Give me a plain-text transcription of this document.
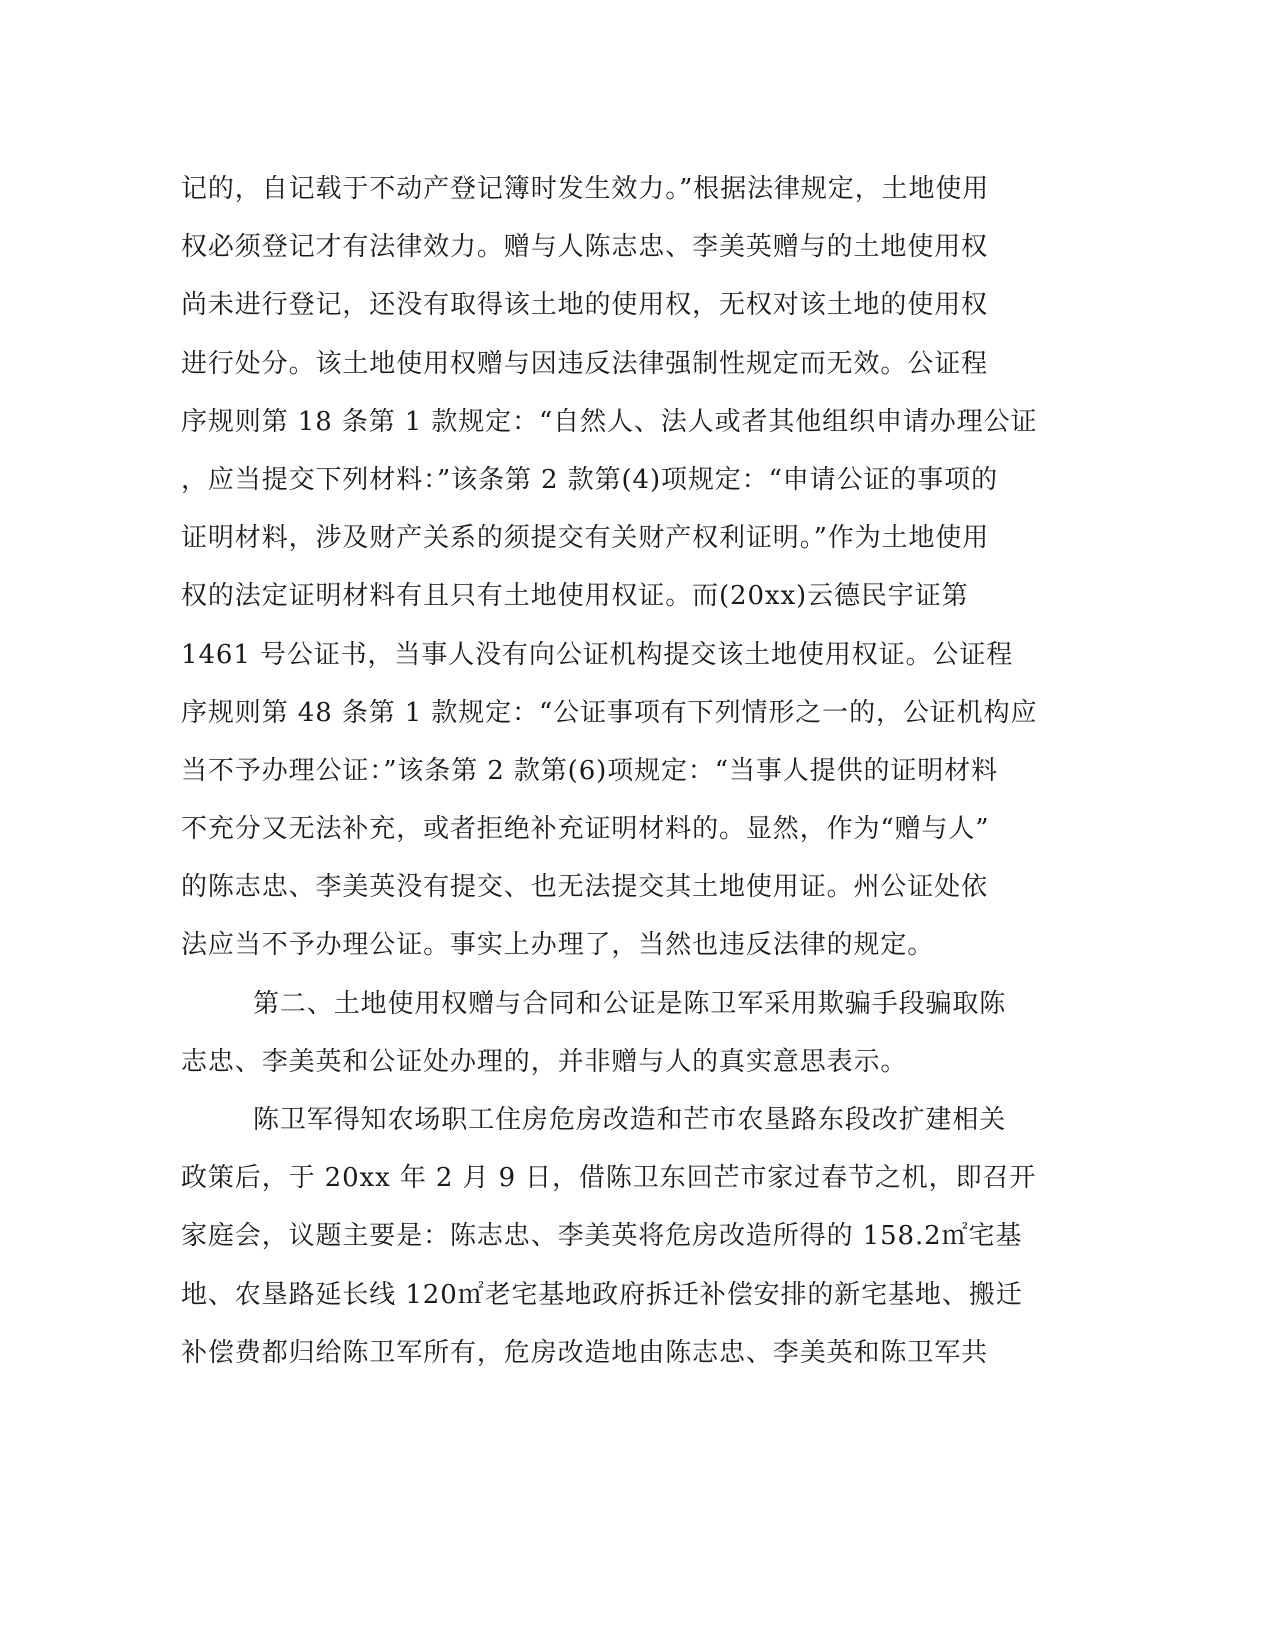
记的，自记载于不动产登记簿时发生效力。”根据法律规定，土地使用
权必须登记才有法律效力。赠与人陈志忠、李美英赠与的土地使用权
尚未进行登记，还没有取得该土地的使用权，无权对该土地的使用权
进行处分。该土地使用权赠与因违反法律强制性规定而无效。公证程
序规则第 18 条第 1 款规定：“自然人、法人或者其他组织申请办理公证
，应当提交下列材料：”该条第 2 款第(4)项规定：“申请公证的事项的
证明材料，涉及财产关系的须提交有关财产权利证明。”作为土地使用
权的法定证明材料有且只有土地使用权证。而(20xx)云德民宇证第
1461 号公证书，当事人没有向公证机构提交该土地使用权证。公证程
序规则第 48 条第 1 款规定：“公证事项有下列情形之一的，公证机构应
当不予办理公证：”该条第 2 款第(6)项规定：“当事人提供的证明材料
不充分又无法补充，或者拒绝补充证明材料的。显然，作为“赠与人”
的陈志忠、李美英没有提交、也无法提交其土地使用证。州公证处依
法应当不予办理公证。事实上办理了，当然也违反法律的规定。
第二、土地使用权赠与合同和公证是陈卫军采用欺骗手段骗取陈
志忠、李美英和公证处办理的，并非赠与人的真实意思表示。
陈卫军得知农场职工住房危房改造和芒市农垦路东段改扩建相关
政策后，于 20xx 年 2 月 9 日，借陈卫东回芒市家过春节之机，即召开
家庭会，议题主要是：陈志忠、李美英将危房改造所得的 158.2㎡宅基
地、农垦路延长线 120㎡老宅基地政府拆迁补偿安排的新宅基地、搬迁
补偿费都归给陈卫军所有，危房改造地由陈志忠、李美英和陈卫军共
